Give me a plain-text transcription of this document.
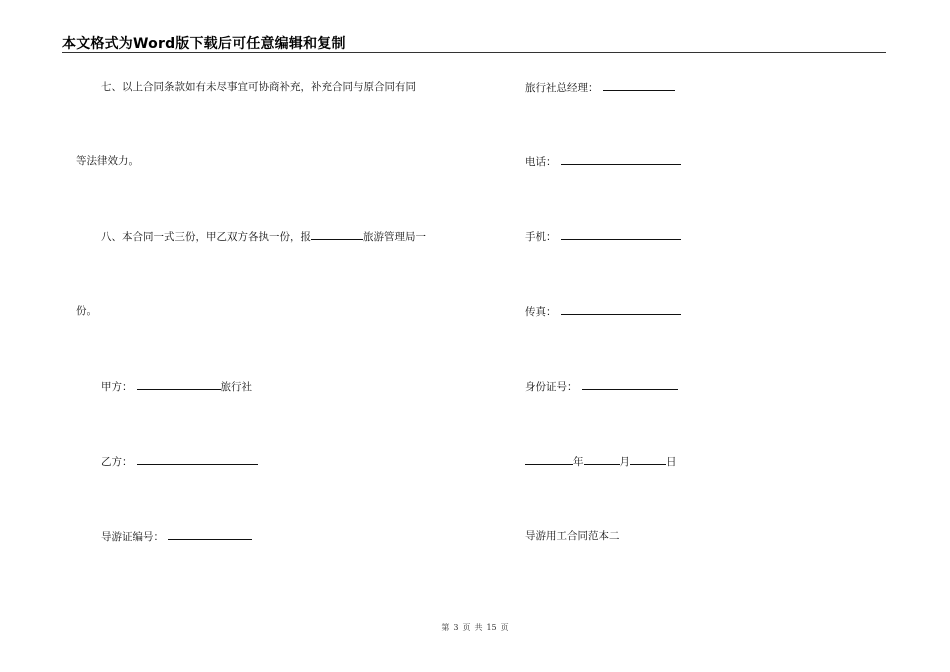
本文格式为Word版下载后可任意编辑和复制
七、以上合同条款如有未尽事宜可协商补充，补充合同与原合同有同
等法律效力。
八、本合同一式三份，甲乙双方各执一份，报	旅游管理局一
份。
甲方：	旅行社
乙方：
导游证编号：
旅行社总经理：
电话：
手机：
传真：
身份证号：
年	月	日
导游用工合同范本二
第 3 页 共 15 页
